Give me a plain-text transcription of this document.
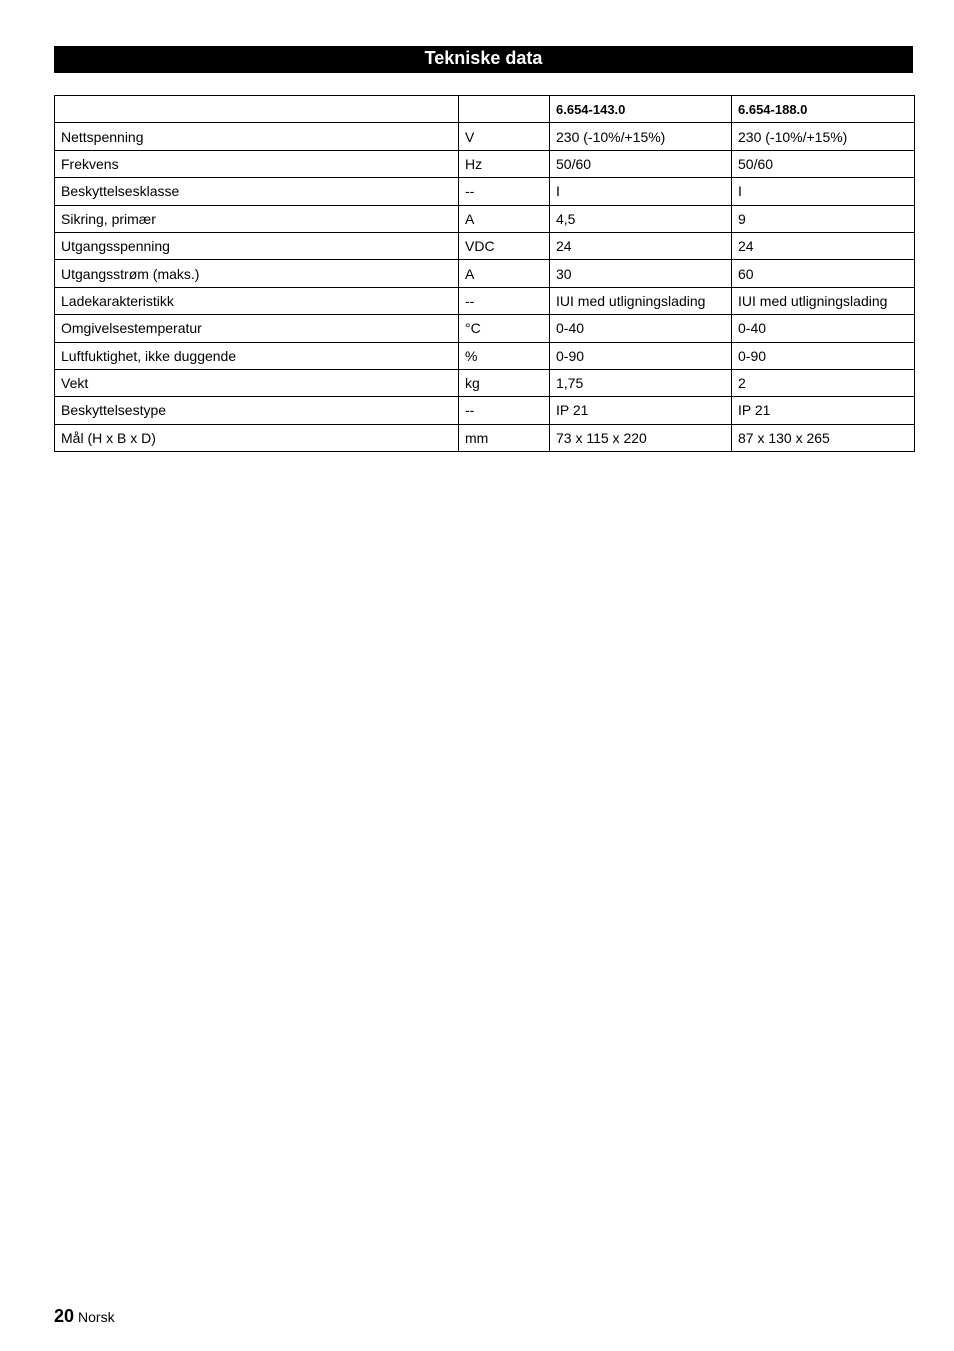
Tekniske data
		6.654-143.0	6.654-188.0
Nettspenning	V	230 (-10%/+15%)	230 (-10%/+15%)
Frekvens	Hz	50/60	50/60
Beskyttelsesklasse	--	I	I
Sikring, primær	A	4,5	9
Utgangsspenning	VDC	24	24
Utgangsstrøm (maks.)	A	30	60
Ladekarakteristikk	--	IUI med utligningslading	IUI med utligningslading
Omgivelsestemperatur	°C	0-40	0-40
Luftfuktighet, ikke duggende	%	0-90	0-90
Vekt	kg	1,75	2
Beskyttelsestype	--	IP 21	IP 21
Mål (H x B x D)	mm	73 x 115 x 220	87 x 130 x 265
20 Norsk
